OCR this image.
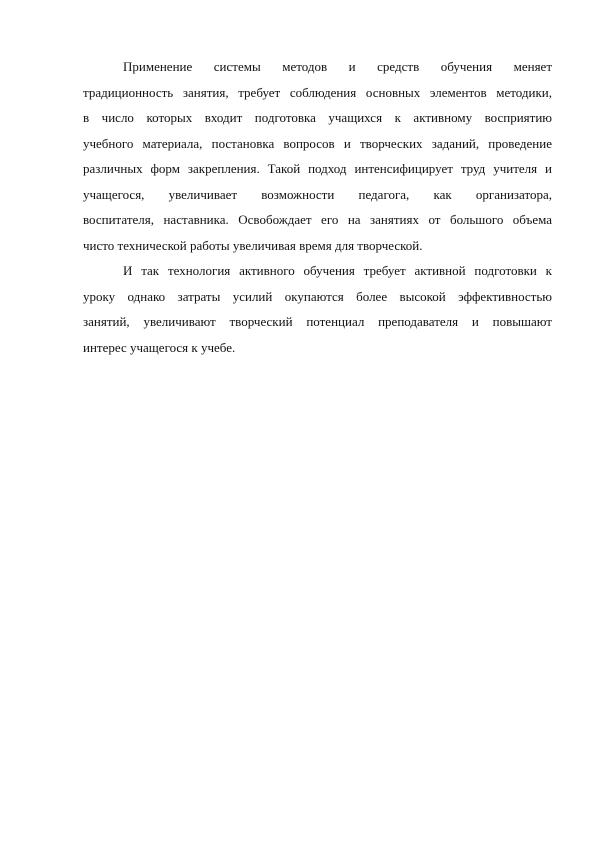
Применение системы методов и средств обучения меняет
традиционность занятия, требует соблюдения основных элементов методики,
в число которых входит подготовка учащихся к активному восприятию
учебного материала, постановка вопросов и творческих заданий, проведение
различных форм закрепления. Такой подход интенсифицирует труд учителя и
учащегося, увеличивает возможности педагога, как организатора,
воспитателя, наставника. Освобождает его на занятиях от большого объема
чисто технической работы увеличивая время для творческой.
И так технология активного обучения требует активной подготовки к
уроку однако затраты усилий окупаются более высокой эффективностью
занятий, увеличивают творческий потенциал преподавателя и повышают
интерес учащегося к учебе.
